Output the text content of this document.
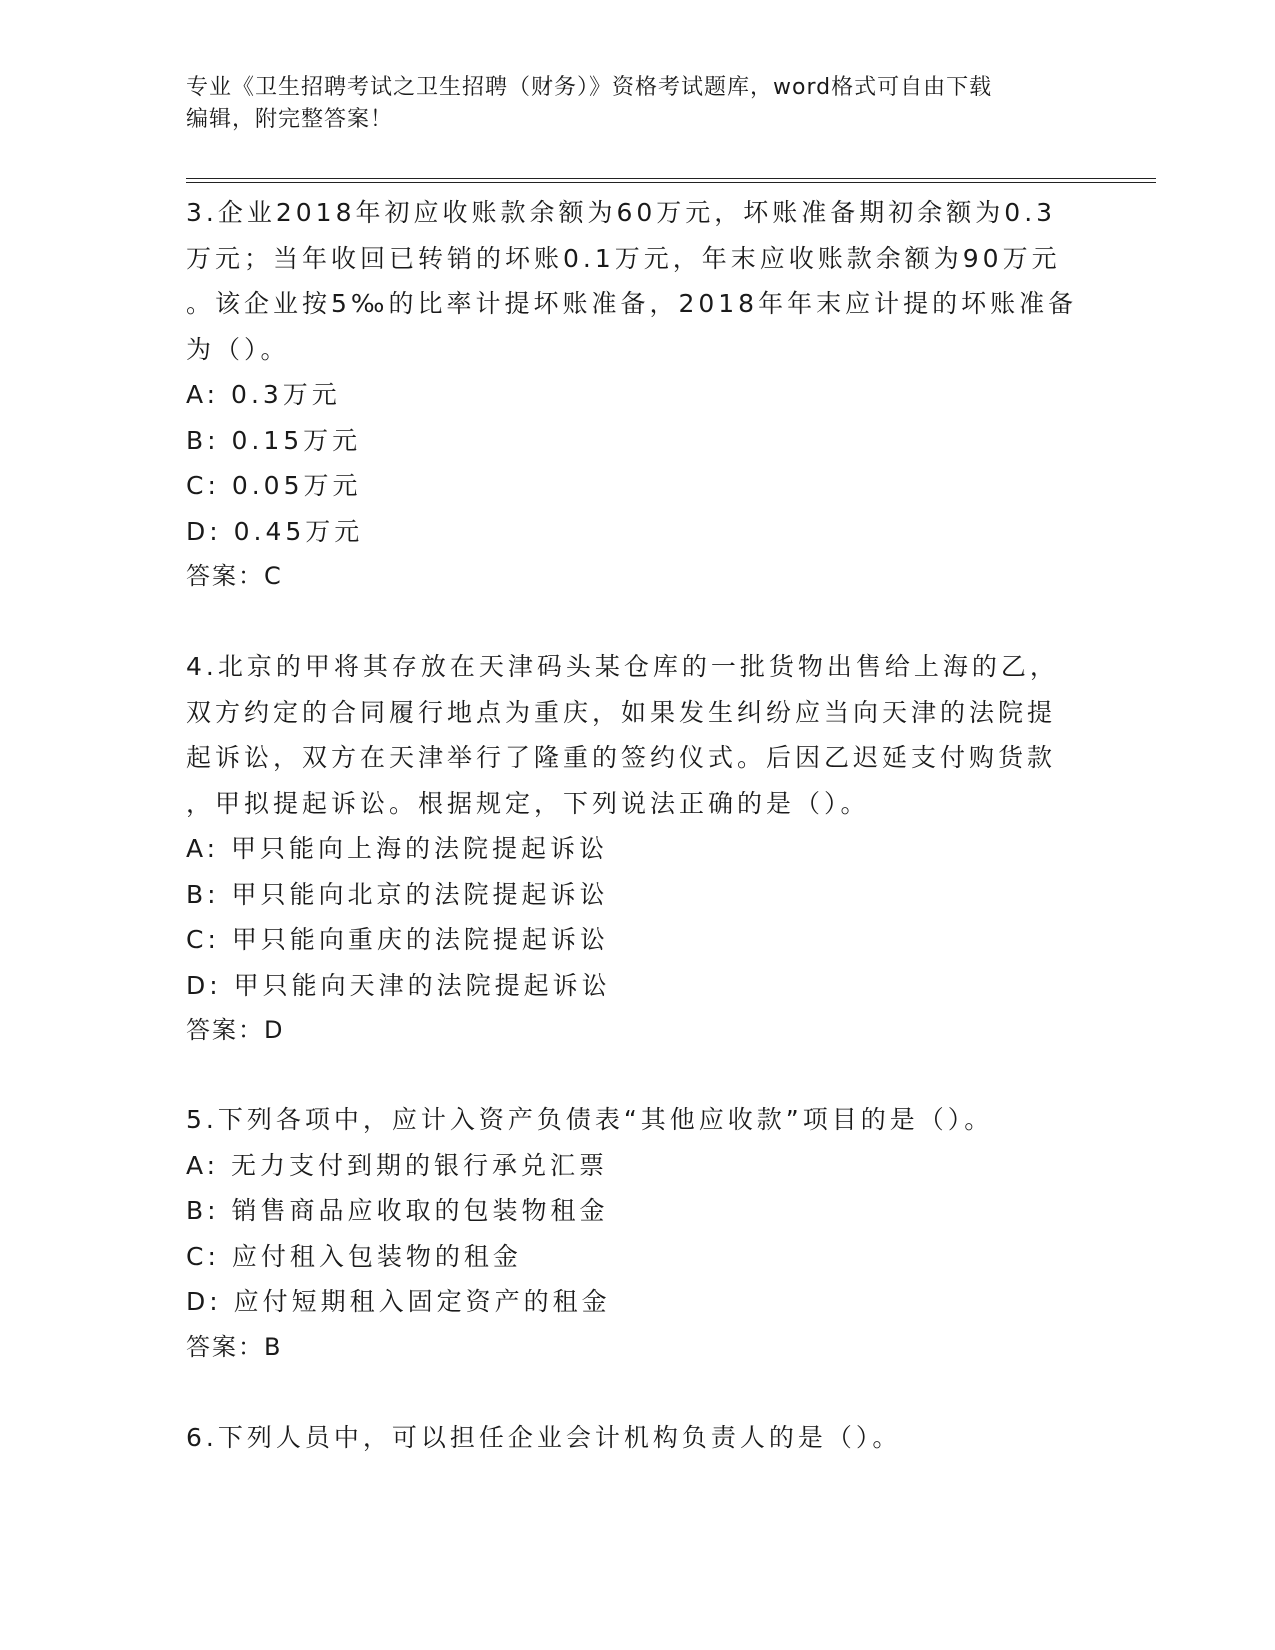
专业《卫生招聘考试之卫生招聘（财务）》资格考试题库，word格式可自由下载
编辑，附完整答案！
3.企业2018年初应收账款余额为60万元，坏账准备期初余额为0.3
万元；当年收回已转销的坏账0.1万元，年末应收账款余额为90万元
。该企业按5‰的比率计提坏账准备，2018年年末应计提的坏账准备
为（）。
A: 0.3万元
B: 0.15万元
C: 0.05万元
D: 0.45万元
答案：C
4.北京的甲将其存放在天津码头某仓库的一批货物出售给上海的乙，
双方约定的合同履行地点为重庆，如果发生纠纷应当向天津的法院提
起诉讼，双方在天津举行了隆重的签约仪式。后因乙迟延支付购货款
，甲拟提起诉讼。根据规定，下列说法正确的是（）。
A: 甲只能向上海的法院提起诉讼
B: 甲只能向北京的法院提起诉讼
C: 甲只能向重庆的法院提起诉讼
D: 甲只能向天津的法院提起诉讼
答案：D
5.下列各项中，应计入资产负债表“其他应收款”项目的是（）。
A: 无力支付到期的银行承兑汇票
B: 销售商品应收取的包装物租金
C: 应付租入包装物的租金
D: 应付短期租入固定资产的租金
答案：B
6.下列人员中，可以担任企业会计机构负责人的是（）。
